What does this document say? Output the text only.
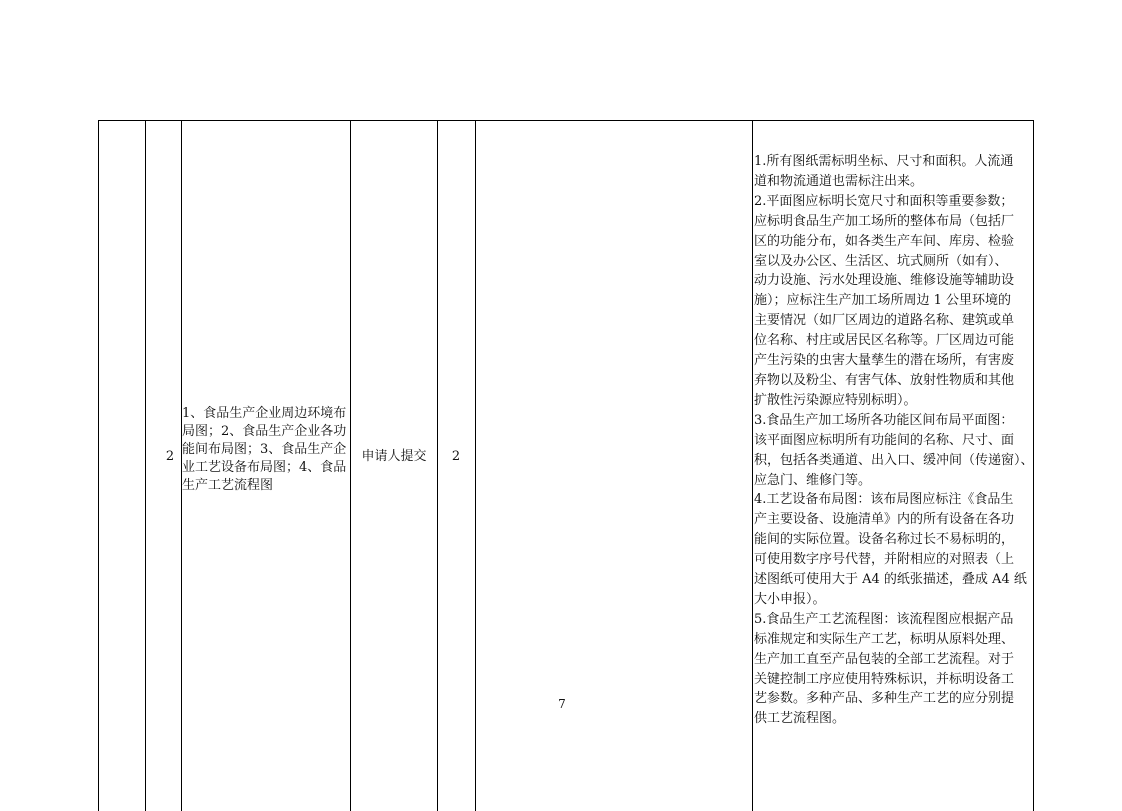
2
1、食品生产企业周边环境布
局图；2、食品生产企业各功
能间布局图；3、食品生产企
业工艺设备布局图；4、食品
生产工艺流程图
申请人提交	2
1.所有图纸需标明坐标、尺寸和面积。人流通
道和物流通道也需标注出来。
2.平面图应标明长宽尺寸和面积等重要参数；
应标明食品生产加工场所的整体布局（包括厂
区的功能分布，如各类生产车间、库房、检验
室以及办公区、生活区、坑式厕所（如有）、
动力设施、污水处理设施、维修设施等辅助设
施）；应标注生产加工场所周边 1 公里环境的
主要情况（如厂区周边的道路名称、建筑或单
位名称、村庄或居民区名称等。厂区周边可能
产生污染的虫害大量孳生的潜在场所，有害废
弃物以及粉尘、有害气体、放射性物质和其他
扩散性污染源应特别标明）。
3.食品生产加工场所各功能区间布局平面图：
该平面图应标明所有功能间的名称、尺寸、面
积，包括各类通道、出入口、缓冲间（传递窗）、
应急门、维修门等。
4.工艺设备布局图：该布局图应标注《食品生
产主要设备、设施清单》内的所有设备在各功
能间的实际位置。设备名称过长不易标明的，
可使用数字序号代替，并附相应的对照表（上
述图纸可使用大于 A4 的纸张描述，叠成 A4 纸
大小申报）。
5.食品生产工艺流程图：该流程图应根据产品
标准规定和实际生产工艺，标明从原料处理、
生产加工直至产品包装的全部工艺流程。对于
关键控制工序应使用特殊标识，并标明设备工
艺参数。多种产品、多种生产工艺的应分别提
供工艺流程图。
7
